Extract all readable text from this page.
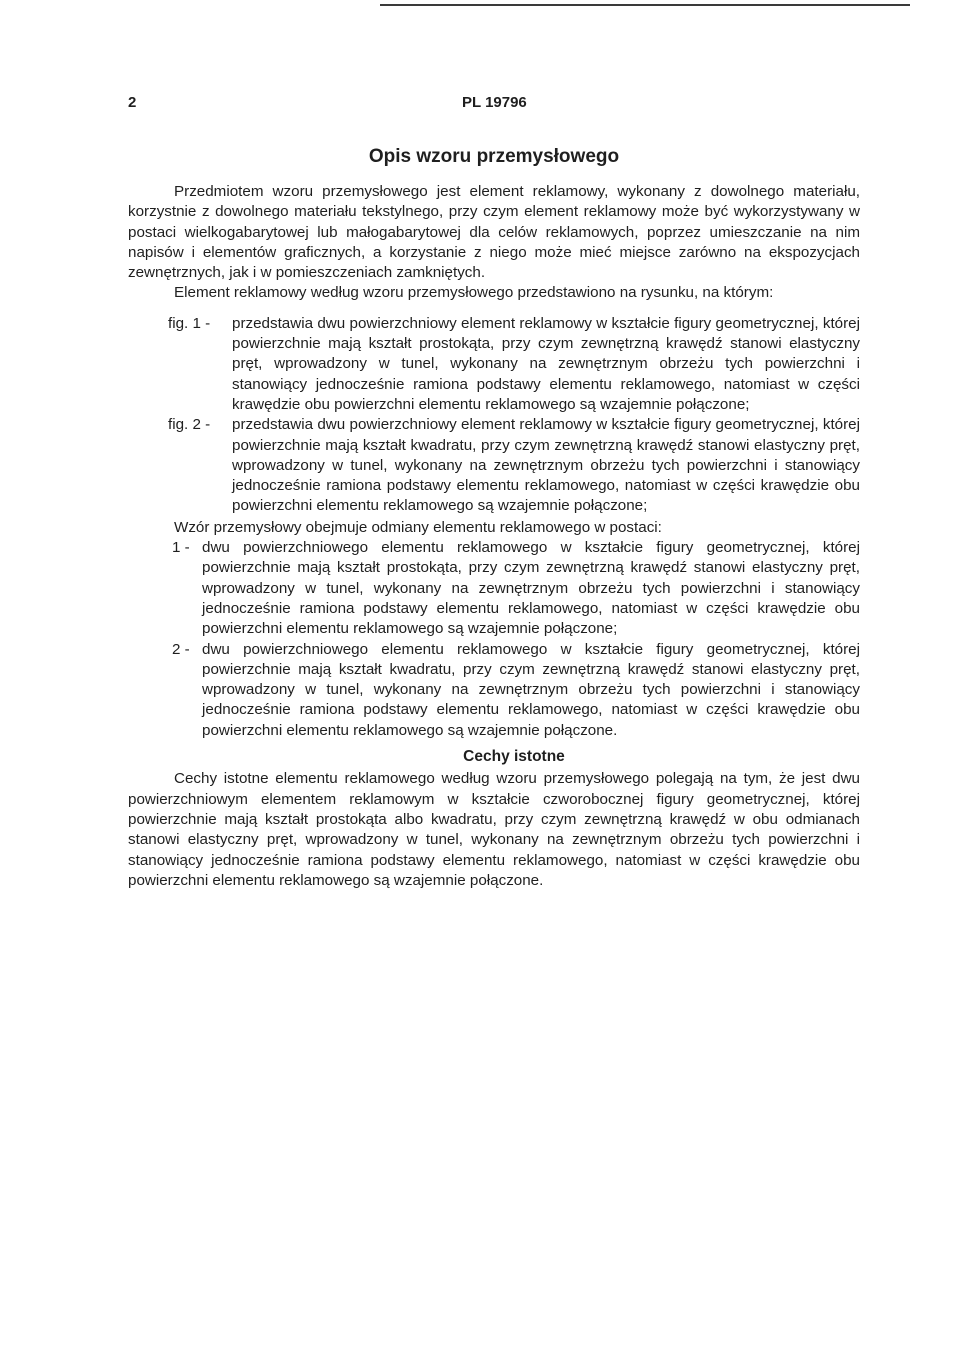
2	PL 19796
Opis wzoru przemysłowego

Przedmiotem wzoru przemysłowego jest element reklamowy, wykonany z dowolnego materiału, korzystnie z dowolnego materiału tekstylnego, przy czym element reklamowy może być wykorzystywany w postaci wielkogabarytowej lub małogabarytowej dla celów reklamowych, poprzez umieszczanie na nim napisów i elementów graficznych, a korzystanie z niego może mieć miejsce zarówno na ekspozycjach zewnętrznych, jak i w pomieszczeniach zamkniętych.

Element reklamowy według wzoru przemysłowego przedstawiono na rysunku, na którym:

fig. 1 -	przedstawia dwu powierzchniowy element reklamowy w kształcie figury geometrycznej, której powierzchnie mają kształt prostokąta, przy czym zewnętrzną krawędź stanowi elastyczny pręt, wprowadzony w tunel, wykonany na zewnętrznym obrzeżu tych powierzchni i stanowiący jednocześnie ramiona podstawy elementu reklamowego, natomiast w części krawędzie obu powierzchni elementu reklamowego są wzajemnie połączone;
fig. 2 -	przedstawia dwu powierzchniowy element reklamowy w kształcie figury geometrycznej, której powierzchnie mają kształt kwadratu, przy czym zewnętrzną krawędź stanowi elastyczny pręt, wprowadzony w tunel, wykonany na zewnętrznym obrzeżu tych powierzchni i stanowiący jednocześnie ramiona podstawy elementu reklamowego, natomiast w części krawędzie obu powierzchni elementu reklamowego są wzajemnie połączone;

Wzór przemysłowy obejmuje odmiany elementu reklamowego w postaci:

1 - dwu powierzchniowego elementu reklamowego w kształcie figury geometrycznej, której powierzchnie mają kształt prostokąta, przy czym zewnętrzną krawędź stanowi elastyczny pręt, wprowadzony w tunel, wykonany na zewnętrznym obrzeżu tych powierzchni i stanowiący jednocześnie ramiona podstawy elementu reklamowego, natomiast w części krawędzie obu powierzchni elementu reklamowego są wzajemnie połączone;
2 - dwu powierzchniowego elementu reklamowego w kształcie figury geometrycznej, której powierzchnie mają kształt kwadratu, przy czym zewnętrzną krawędź stanowi elastyczny pręt, wprowadzony w tunel, wykonany na zewnętrznym obrzeżu tych powierzchni i stanowiący jednocześnie ramiona podstawy elementu reklamowego, natomiast w części krawędzie obu powierzchni elementu reklamowego są wzajemnie połączone.
Cechy istotne

Cechy istotne elementu reklamowego według wzoru przemysłowego polegają na tym, że jest dwu powierzchniowym elementem reklamowym w kształcie czworobocznej figury geometrycznej, której powierzchnie mają kształt prostokąta albo kwadratu, przy czym zewnętrzną krawędź w obu odmianach stanowi elastyczny pręt, wprowadzony w tunel, wykonany na zewnętrznym obrzeżu tych powierzchni i stanowiący jednocześnie ramiona podstawy elementu reklamowego, natomiast w części krawędzie obu powierzchni elementu reklamowego są wzajemnie połączone.
